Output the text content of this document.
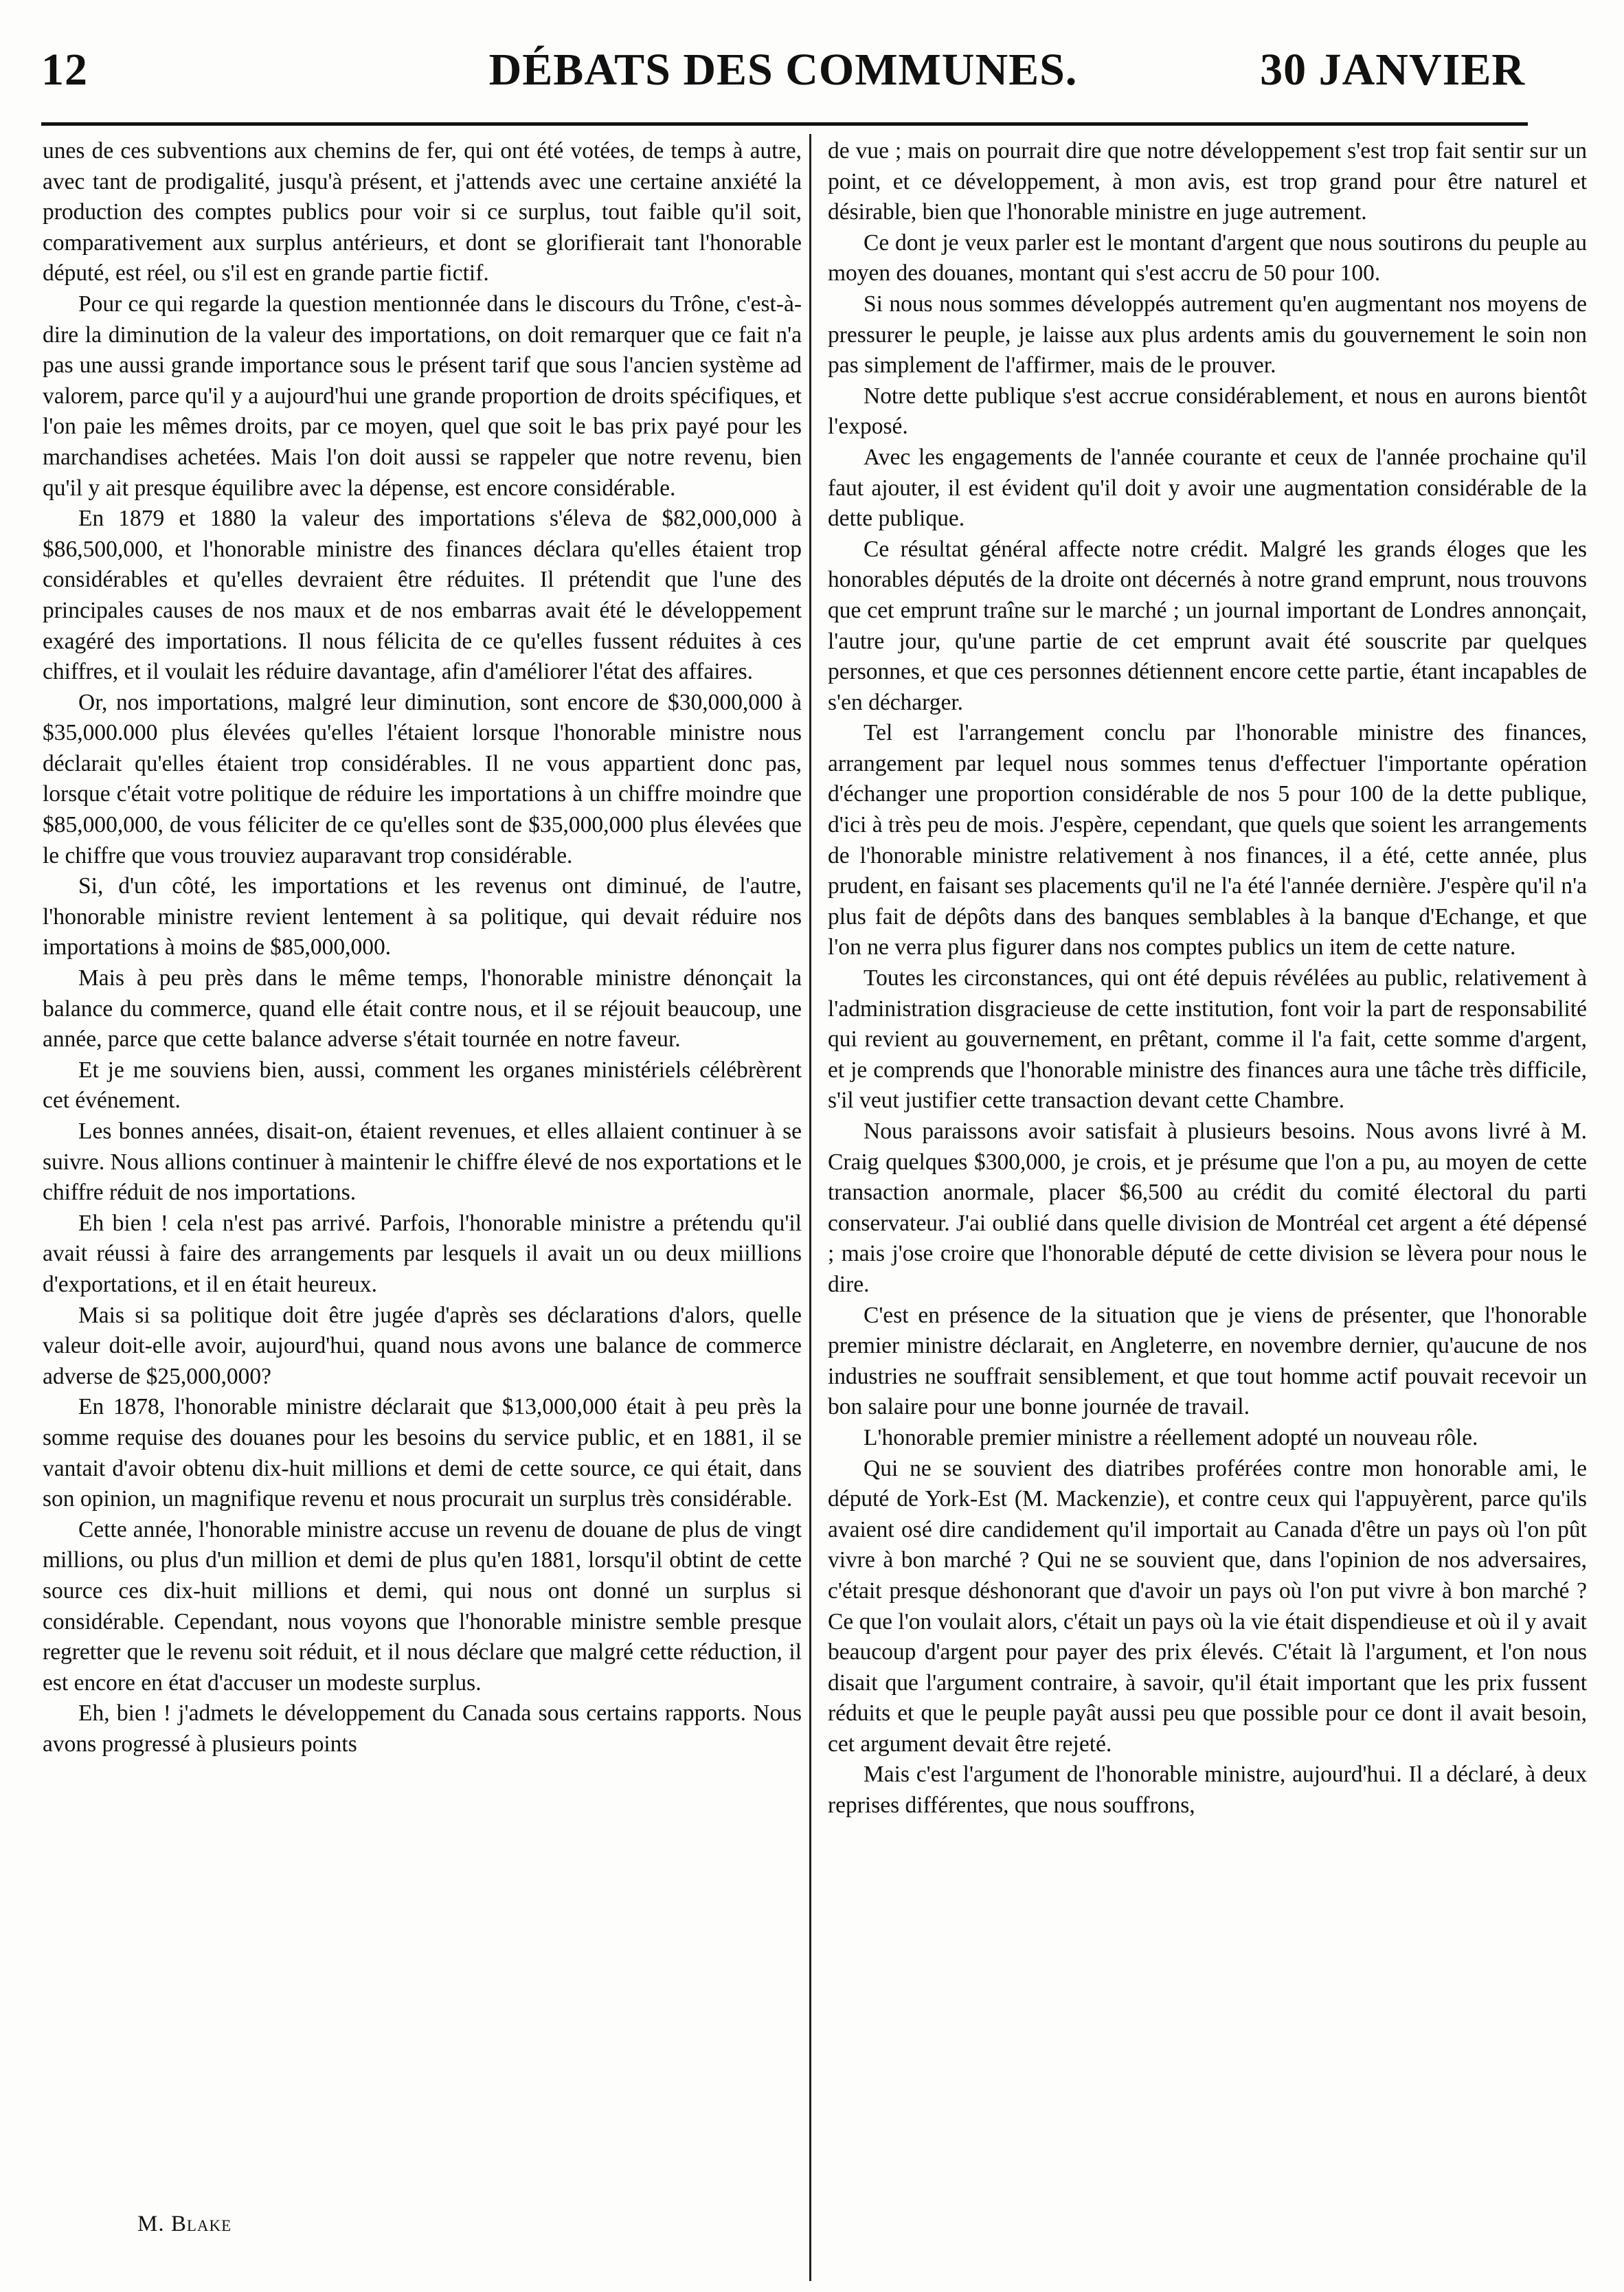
12	DÉBATS DES COMMUNES.	30 JANVIER

unes de ces subventions aux chemins de fer, qui ont été votées, de temps à autre, avec tant de prodigalité, jusqu'à présent, et j'attends avec une certaine anxiété la production des comptes publics pour voir si ce surplus, tout faible qu'il soit, comparativement aux surplus antérieurs, et dont se glorifierait tant l'honorable député, est réel, ou s'il est en grande partie fictif.

Pour ce qui regarde la question mentionnée dans le discours du Trône, c'est-à-dire la diminution de la valeur des importations, on doit remarquer que ce fait n'a pas une aussi grande importance sous le présent tarif que sous l'ancien système ad valorem, parce qu'il y a aujourd'hui une grande proportion de droits spécifiques, et l'on paie les mêmes droits, par ce moyen, quel que soit le bas prix payé pour les marchandises achetées. Mais l'on doit aussi se rappeler que notre revenu, bien qu'il y ait presque équilibre avec la dépense, est encore considérable.

En 1879 et 1880 la valeur des importations s'éleva de $82,000,000 à $86,500,000, et l'honorable ministre des finances déclara qu'elles étaient trop considérables et qu'elles devraient être réduites. Il prétendit que l'une des principales causes de nos maux et de nos embarras avait été le développement exagéré des importations. Il nous félicita de ce qu'elles fussent réduites à ces chiffres, et il voulait les réduire davantage, afin d'améliorer l'état des affaires.

Or, nos importations, malgré leur diminution, sont encore de $30,000,000 à $35,000.000 plus élevées qu'elles l'étaient lorsque l'honorable ministre nous déclarait qu'elles étaient trop considérables. Il ne vous appartient donc pas, lorsque c'était votre politique de réduire les importations à un chiffre moindre que $85,000,000, de vous féliciter de ce qu'elles sont de $35,000,000 plus élevées que le chiffre que vous trouviez auparavant trop considérable.

Si, d'un côté, les importations et les revenus ont diminué, de l'autre, l'honorable ministre revient lentement à sa politique, qui devait réduire nos importations à moins de $85,000,000.

Mais à peu près dans le même temps, l'honorable ministre dénonçait la balance du commerce, quand elle était contre nous, et il se réjouit beaucoup, une année, parce que cette balance adverse s'était tournée en notre faveur.

Et je me souviens bien, aussi, comment les organes ministériels célébrèrent cet événement.

Les bonnes années, disait-on, étaient revenues, et elles allaient continuer à se suivre. Nous allions continuer à maintenir le chiffre élevé de nos exportations et le chiffre réduit de nos importations.

Eh bien ! cela n'est pas arrivé. Parfois, l'honorable ministre a prétendu qu'il avait réussi à faire des arrangements par lesquels il avait un ou deux miillions d'exportations, et il en était heureux.

Mais si sa politique doit être jugée d'après ses déclarations d'alors, quelle valeur doit-elle avoir, aujourd'hui, quand nous avons une balance de commerce adverse de $25,000,000?

En 1878, l'honorable ministre déclarait que $13,000,000 était à peu près la somme requise des douanes pour les besoins du service public, et en 1881, il se vantait d'avoir obtenu dix-huit millions et demi de cette source, ce qui était, dans son opinion, un magnifique revenu et nous procurait un surplus très considérable.

Cette année, l'honorable ministre accuse un revenu de douane de plus de vingt millions, ou plus d'un million et demi de plus qu'en 1881, lorsqu'il obtint de cette source ces dix-huit millions et demi, qui nous ont donné un surplus si considérable. Cependant, nous voyons que l'honorable ministre semble presque regretter que le revenu soit réduit, et il nous déclare que malgré cette réduction, il est encore en état d'accuser un modeste surplus.

Eh, bien ! j'admets le développement du Canada sous certains rapports. Nous avons progressé à plusieurs points

de vue ; mais on pourrait dire que notre développement s'est trop fait sentir sur un point, et ce développement, à mon avis, est trop grand pour être naturel et désirable, bien que l'honorable ministre en juge autrement.

Ce dont je veux parler est le montant d'argent que nous soutirons du peuple au moyen des douanes, montant qui s'est accru de 50 pour 100.

Si nous nous sommes développés autrement qu'en augmentant nos moyens de pressurer le peuple, je laisse aux plus ardents amis du gouvernement le soin non pas simplement de l'affirmer, mais de le prouver.

Notre dette publique s'est accrue considérablement, et nous en aurons bientôt l'exposé.

Avec les engagements de l'année courante et ceux de l'année prochaine qu'il faut ajouter, il est évident qu'il doit y avoir une augmentation considérable de la dette publique.

Ce résultat général affecte notre crédit. Malgré les grands éloges que les honorables députés de la droite ont décernés à notre grand emprunt, nous trouvons que cet emprunt traîne sur le marché ; un journal important de Londres annonçait, l'autre jour, qu'une partie de cet emprunt avait été souscrite par quelques personnes, et que ces personnes détiennent encore cette partie, étant incapables de s'en décharger.

Tel est l'arrangement conclu par l'honorable ministre des finances, arrangement par lequel nous sommes tenus d'effectuer l'importante opération d'échanger une proportion considérable de nos 5 pour 100 de la dette publique, d'ici à très peu de mois. J'espère, cependant, que quels que soient les arrangements de l'honorable ministre relativement à nos finances, il a été, cette année, plus prudent, en faisant ses placements qu'il ne l'a été l'année dernière. J'espère qu'il n'a plus fait de dépôts dans des banques semblables à la banque d'Echange, et que l'on ne verra plus figurer dans nos comptes publics un item de cette nature.

Toutes les circonstances, qui ont été depuis révélées au public, relativement à l'administration disgracieuse de cette institution, font voir la part de responsabilité qui revient au gouvernement, en prêtant, comme il l'a fait, cette somme d'argent, et je comprends que l'honorable ministre des finances aura une tâche très difficile, s'il veut justifier cette transaction devant cette Chambre.

Nous paraissons avoir satisfait à plusieurs besoins. Nous avons livré à M. Craig quelques $300,000, je crois, et je présume que l'on a pu, au moyen de cette transaction anormale, placer $6,500 au crédit du comité électoral du parti conservateur. J'ai oublié dans quelle division de Montréal cet argent a été dépensé ; mais j'ose croire que l'honorable député de cette division se lèvera pour nous le dire.

C'est en présence de la situation que je viens de présenter, que l'honorable premier ministre déclarait, en Angleterre, en novembre dernier, qu'aucune de nos industries ne souffrait sensiblement, et que tout homme actif pouvait recevoir un bon salaire pour une bonne journée de travail.

L'honorable premier ministre a réellement adopté un nouveau rôle.

Qui ne se souvient des diatribes proférées contre mon honorable ami, le député de York-Est (M. Mackenzie), et contre ceux qui l'appuyèrent, parce qu'ils avaient osé dire candidement qu'il importait au Canada d'être un pays où l'on pût vivre à bon marché ? Qui ne se souvient que, dans l'opinion de nos adversaires, c'était presque déshonorant que d'avoir un pays où l'on put vivre à bon marché ? Ce que l'on voulait alors, c'était un pays où la vie était dispendieuse et où il y avait beaucoup d'argent pour payer des prix élevés. C'était là l'argument, et l'on nous disait que l'argument contraire, à savoir, qu'il était important que les prix fussent réduits et que le peuple payât aussi peu que possible pour ce dont il avait besoin, cet argument devait être rejeté.

Mais c'est l'argument de l'honorable ministre, aujourd'hui. Il a déclaré, à deux reprises différentes, que nous souffrons,

M. Blake
